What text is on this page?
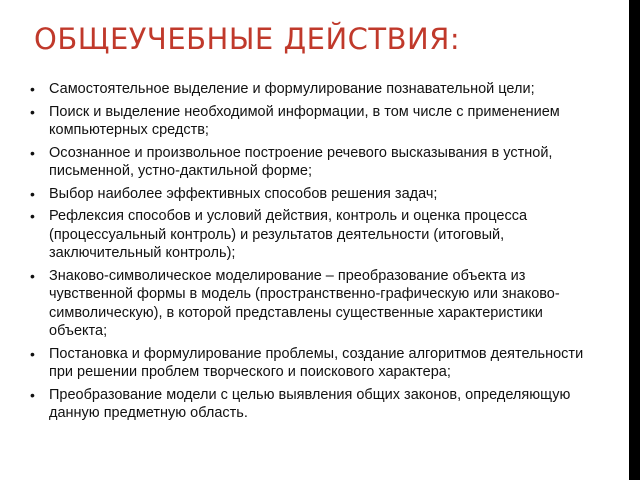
ОБЩЕУЧЕБНЫЕ ДЕЙСТВИЯ:
• Самостоятельное выделение и формулирование познавательной цели;
• Поиск и выделение необходимой информации, в том числе с применением компьютерных средств;
• Осознанное и произвольное построение речевого высказывания в устной, письменной, устно-дактильной форме;
• Выбор наиболее эффективных способов решения задач;
• Рефлексия способов и условий действия, контроль и оценка процесса (процессуальный контроль) и результатов деятельности (итоговый, заключительный контроль);
• Знаково-символическое моделирование – преобразование объекта из чувственной формы в модель (пространственно-графическую или знаково-символическую), в которой представлены существенные характеристики объекта;
• Постановка и формулирование проблемы, создание алгоритмов деятельности при решении проблем творческого и поискового характера;
• Преобразование модели с целью выявления общих законов, определяющую данную предметную область.
